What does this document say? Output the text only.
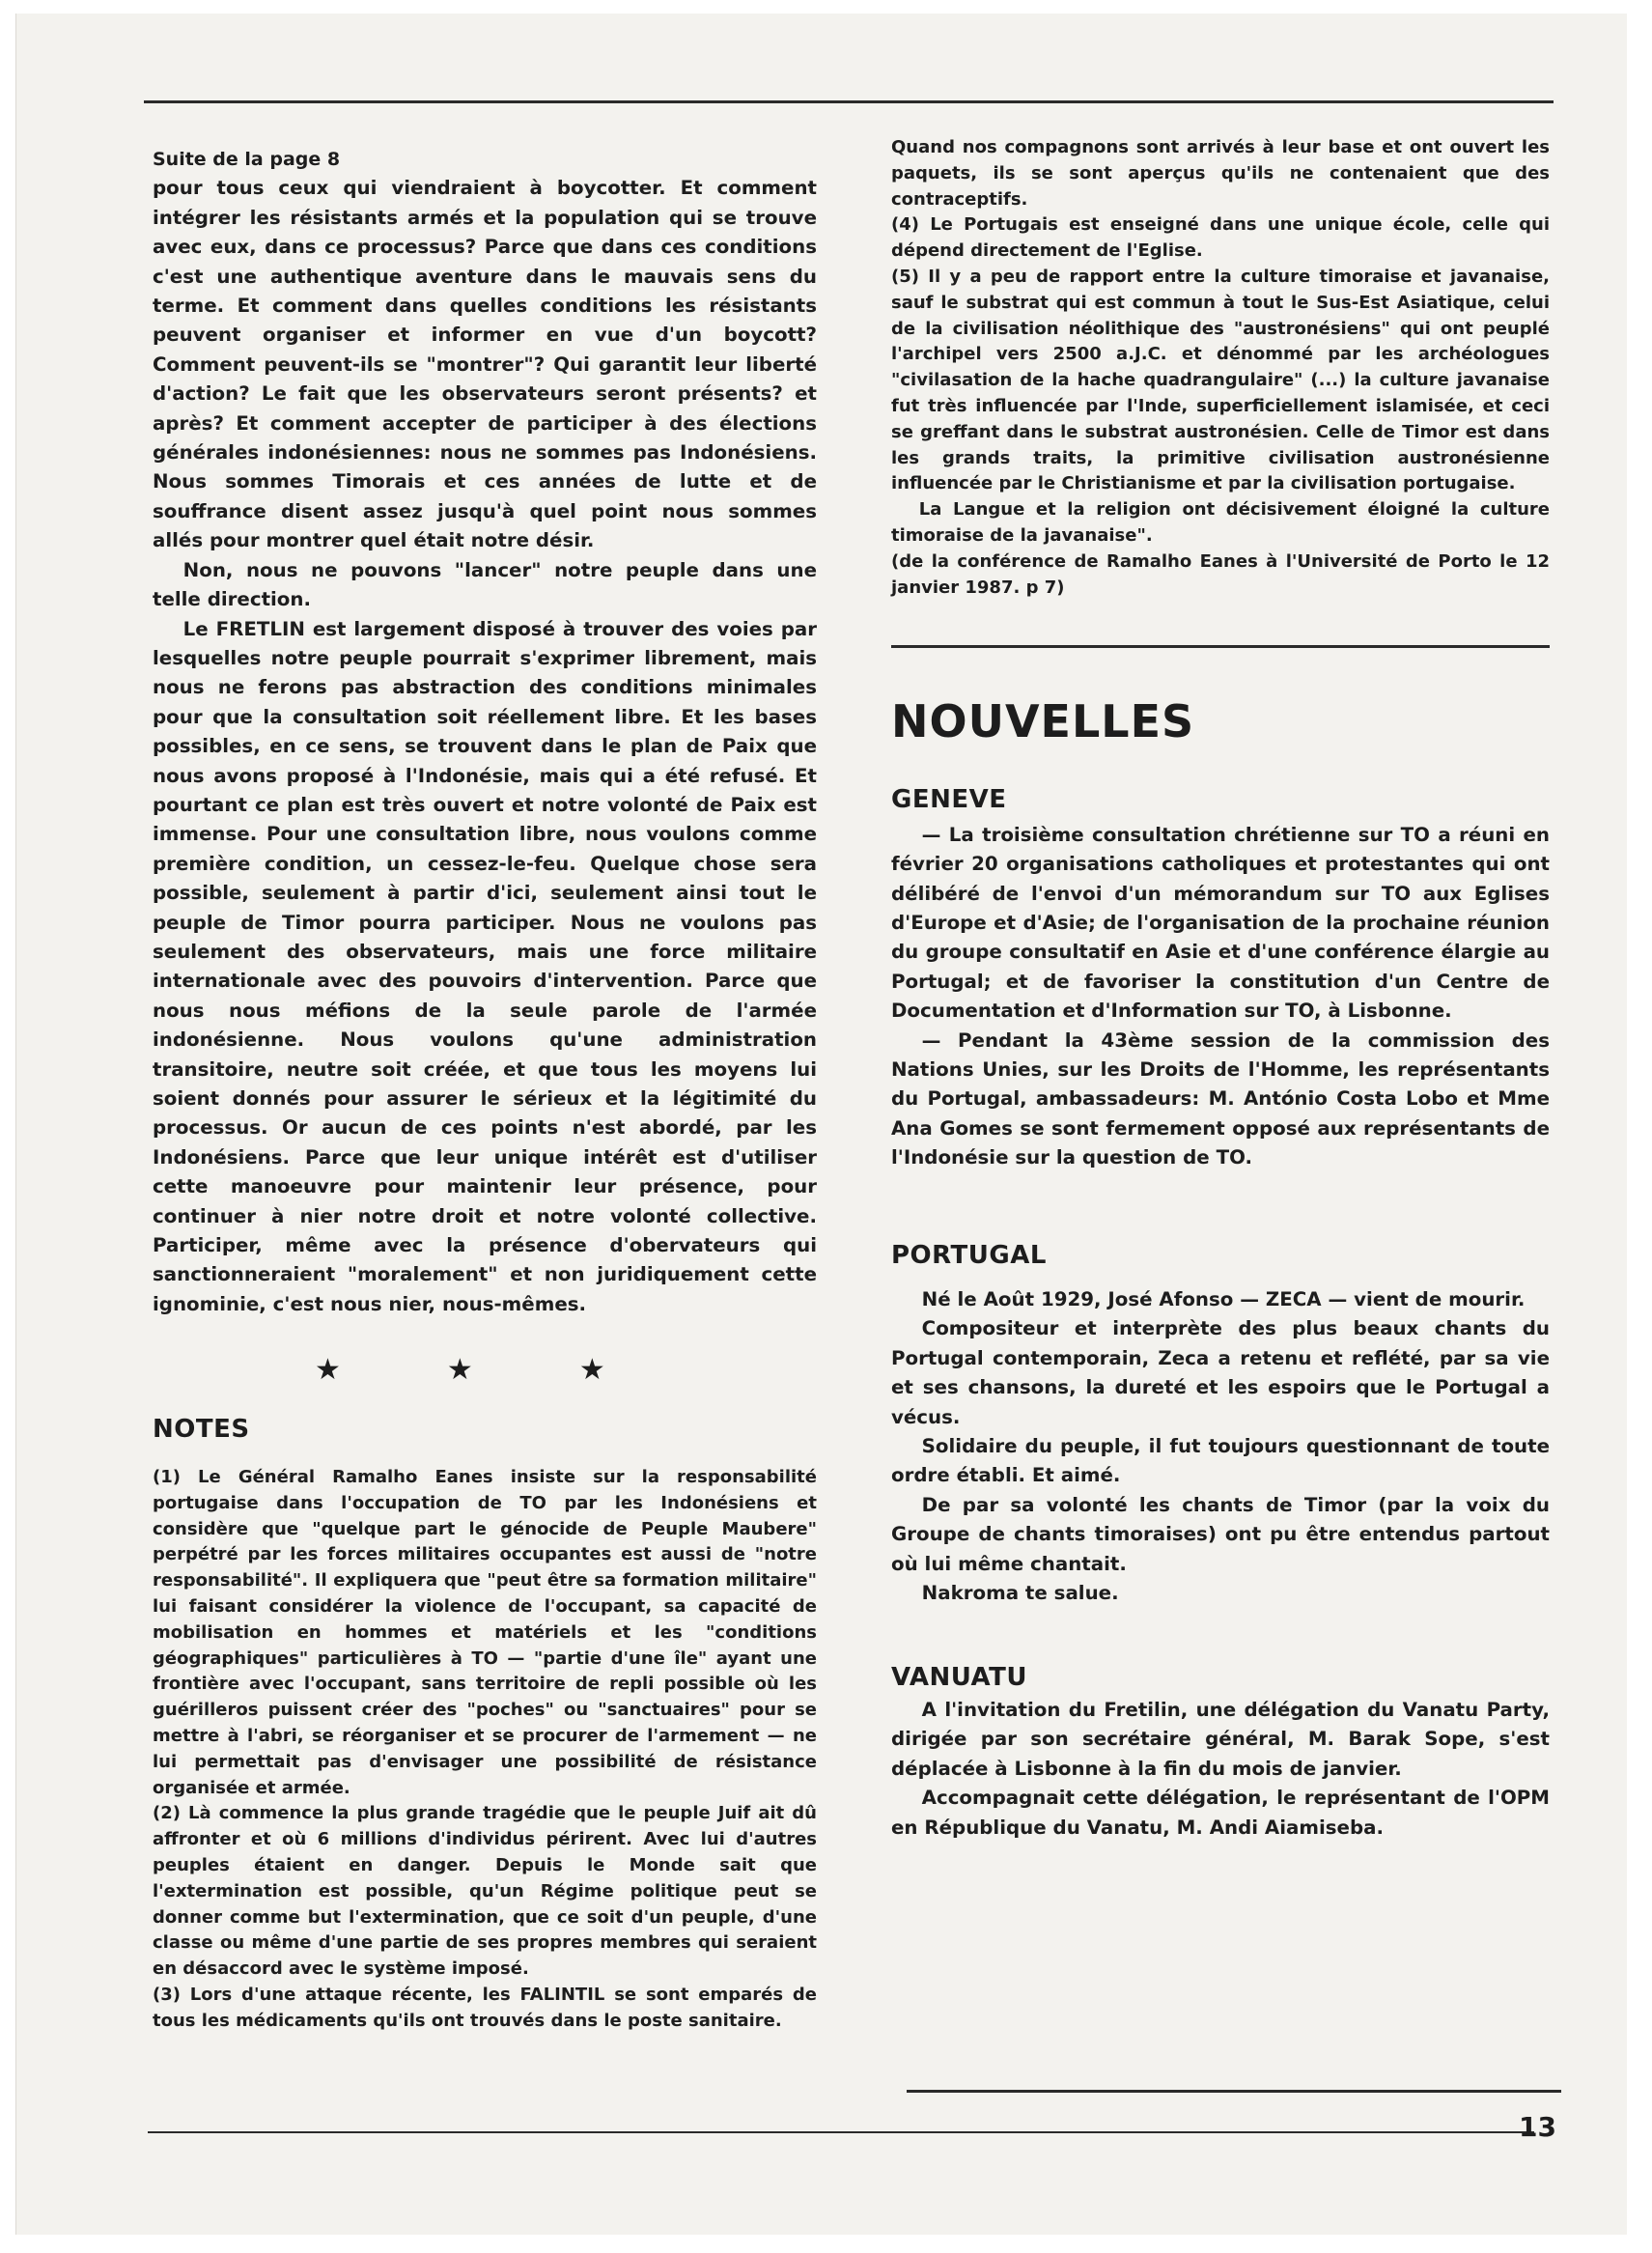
Suite de la page 8

pour tous ceux qui viendraient à boycotter. Et comment intégrer les résistants armés et la population qui se trouve avec eux, dans ce processus? Parce que dans ces conditions c'est une authentique aventure dans le mauvais sens du terme. Et comment dans quelles conditions les résistants peuvent organiser et informer en vue d'un boycott? Comment peuvent-ils se "montrer"? Qui garantit leur liberté d'action? Le fait que les observateurs seront présents? et après? Et comment accepter de participer à des élections générales indonésiennes: nous ne sommes pas Indonésiens. Nous sommes Timorais et ces années de lutte et de souffrance disent assez jusqu'à quel point nous sommes allés pour montrer quel était notre désir.

Non, nous ne pouvons "lancer" notre peuple dans une telle direction.

Le FRETLIN est largement disposé à trouver des voies par lesquelles notre peuple pourrait s'exprimer librement, mais nous ne ferons pas abstraction des conditions minimales pour que la consultation soit réellement libre. Et les bases possibles, en ce sens, se trouvent dans le plan de Paix que nous avons proposé à l'Indonésie, mais qui a été refusé. Et pourtant ce plan est très ouvert et notre volonté de Paix est immense. Pour une consultation libre, nous voulons comme première condition, un cessez-le-feu. Quelque chose sera possible, seulement à partir d'ici, seulement ainsi tout le peuple de Timor pourra participer. Nous ne voulons pas seulement des observateurs, mais une force militaire internationale avec des pouvoirs d'intervention. Parce que nous nous méfions de la seule parole de l'armée indonésienne. Nous voulons qu'une administration transitoire, neutre soit créée, et que tous les moyens lui soient donnés pour assurer le sérieux et la légitimité du processus. Or aucun de ces points n'est abordé, par les Indonésiens. Parce que leur unique intérêt est d'utiliser cette manoeuvre pour maintenir leur présence, pour continuer à nier notre droit et notre volonté collective. Participer, même avec la présence d'obervateurs qui sanctionneraient "moralement" et non juridiquement cette ignominie, c'est nous nier, nous-mêmes.

★	★	★

NOTES

(1) Le Général Ramalho Eanes insiste sur la responsabilité portugaise dans l'occupation de TO par les Indonésiens et considère que "quelque part le génocide de Peuple Maubere" perpétré par les forces militaires occupantes est aussi de "notre responsabilité". Il expliquera que "peut être sa formation militaire" lui faisant considérer la violence de l'occupant, sa capacité de mobilisation en hommes et matériels et les "conditions géographiques" particulières à TO — "partie d'une île" ayant une frontière avec l'occupant, sans territoire de repli possible où les guérilleros puissent créer des "poches" ou "sanctuaires" pour se mettre à l'abri, se réorganiser et se procurer de l'armement — ne lui permettait pas d'envisager une possibilité de résistance organisée et armée.

(2) Là commence la plus grande tragédie que le peuple Juif ait dû affronter et où 6 millions d'individus périrent. Avec lui d'autres peuples étaient en danger. Depuis le Monde sait que l'extermination est possible, qu'un Régime politique peut se donner comme but l'extermination, que ce soit d'un peuple, d'une classe ou même d'une partie de ses propres membres qui seraient en désaccord avec le système imposé.

(3) Lors d'une attaque récente, les FALINTIL se sont emparés de tous les médicaments qu'ils ont trouvés dans le poste sanitaire.

Quand nos compagnons sont arrivés à leur base et ont ouvert les paquets, ils se sont aperçus qu'ils ne contenaient que des contraceptifs.

(4) Le Portugais est enseigné dans une unique école, celle qui dépend directement de l'Eglise.

(5) Il y a peu de rapport entre la culture timoraise et javanaise, sauf le substrat qui est commun à tout le Sus-Est Asiatique, celui de la civilisation néolithique des "austronésiens" qui ont peuplé l'archipel vers 2500 a.J.C. et dénommé par les archéologues "civilasation de la hache quadrangulaire" (...) la culture javanaise fut très influencée par l'Inde, superficiellement islamisée, et ceci se greffant dans le substrat austronésien. Celle de Timor est dans les grands traits, la primitive civilisation austronésienne influencée par le Christianisme et par la civilisation portugaise.

La Langue et la religion ont décisivement éloigné la culture timoraise de la javanaise".

(de la conférence de Ramalho Eanes à l'Université de Porto le 12 janvier 1987. p 7)

NOUVELLES

GENEVE

— La troisième consultation chrétienne sur TO a réuni en février 20 organisations catholiques et protestantes qui ont délibéré de l'envoi d'un mémorandum sur TO aux Eglises d'Europe et d'Asie; de l'organisation de la prochaine réunion du groupe consultatif en Asie et d'une conférence élargie au Portugal; et de favoriser la constitution d'un Centre de Documentation et d'Information sur TO, à Lisbonne.

— Pendant la 43ème session de la commission des Nations Unies, sur les Droits de l'Homme, les représentants du Portugal, ambassadeurs: M. António Costa Lobo et Mme Ana Gomes se sont fermement opposé aux représentants de l'Indonésie sur la question de TO.

PORTUGAL

Né le Août 1929, José Afonso — ZECA — vient de mourir.

Compositeur et interprète des plus beaux chants du Portugal contemporain, Zeca a retenu et reflété, par sa vie et ses chansons, la dureté et les espoirs que le Portugal a vécus.

Solidaire du peuple, il fut toujours questionnant de toute ordre établi. Et aimé.

De par sa volonté les chants de Timor (par la voix du Groupe de chants timoraises) ont pu être entendus partout où lui même chantait.

Nakroma te salue.

VANUATU

A l'invitation du Fretilin, une délégation du Vanatu Party, dirigée par son secrétaire général, M. Barak Sope, s'est déplacée à Lisbonne à la fin du mois de janvier.

Accompagnait cette délégation, le représentant de l'OPM en République du Vanatu, M. Andi Aiamiseba.

13
